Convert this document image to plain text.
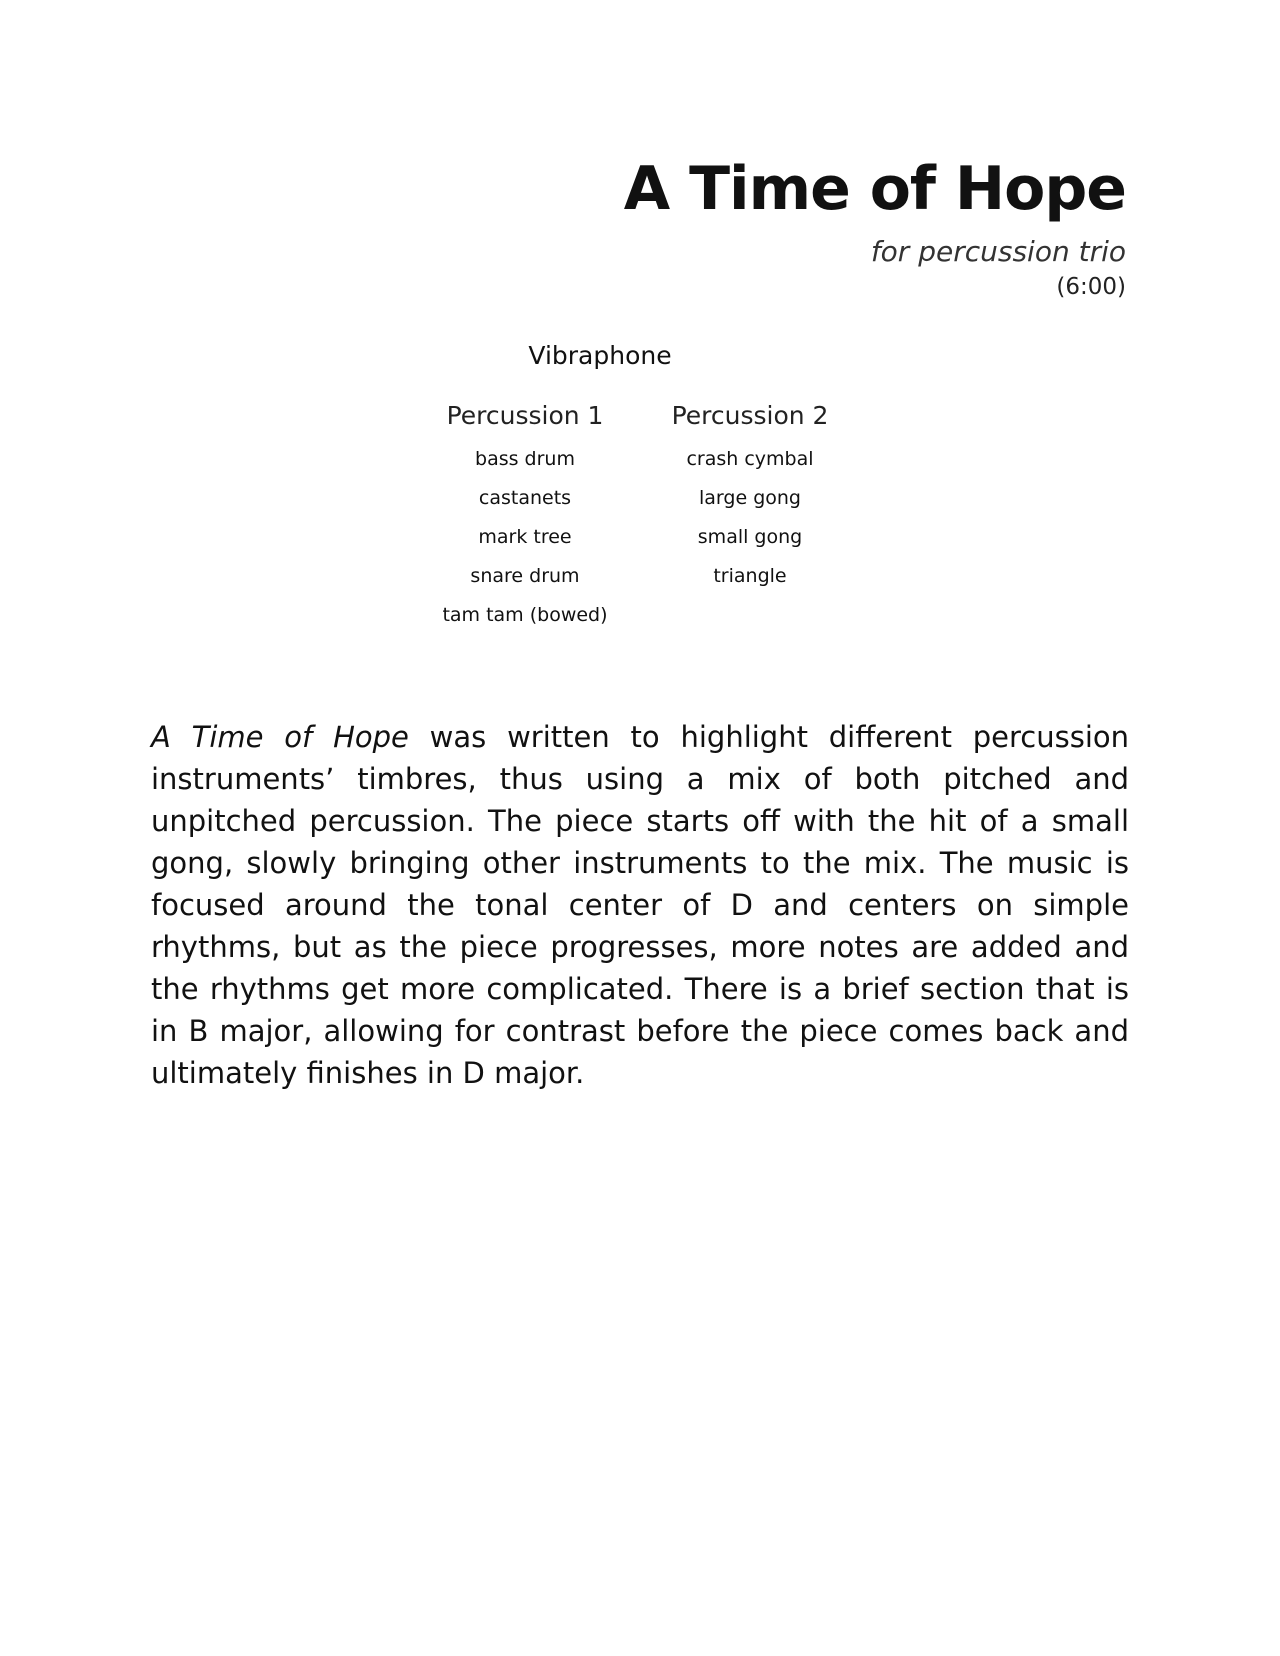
A Time of Hope
for percussion trio
(6:00)
Vibraphone
Percussion 1
bass drum
castanets
mark tree
snare drum
tam tam (bowed)
Percussion 2
crash cymbal
large gong
small gong
triangle

A Time of Hope was written to highlight different percussion instruments’ timbres, thus using a mix of both pitched and unpitched percussion. The piece starts off with the hit of a small gong, slowly bringing other instruments to the mix. The music is focused around the tonal center of D and centers on simple rhythms, but as the piece progresses, more notes are added and the rhythms get more complicated. There is a brief section that is in B major, allowing for contrast before the piece comes back and ultimately finishes in D major.
